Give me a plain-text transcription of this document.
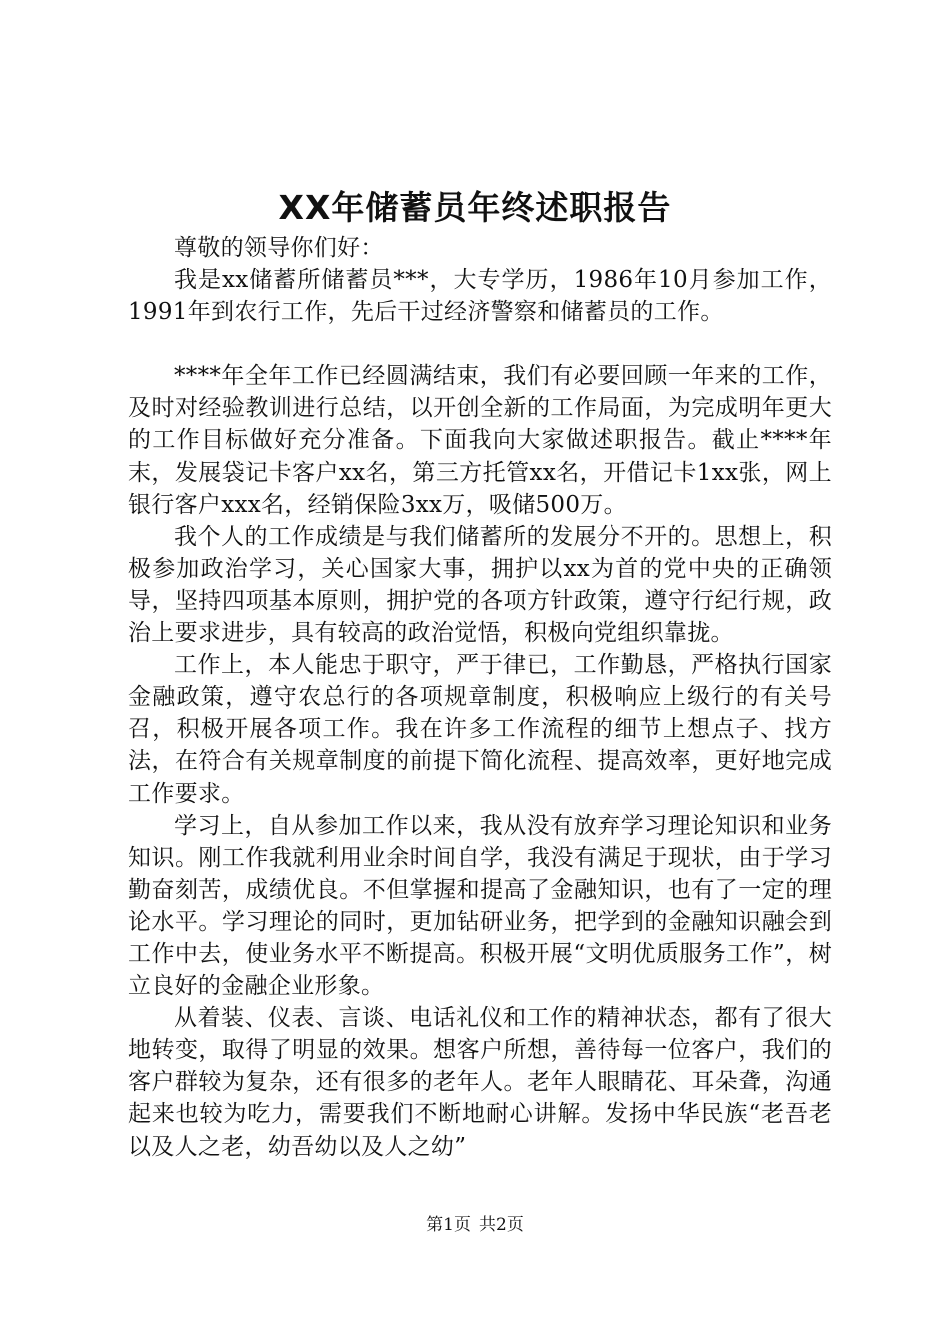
XX年储蓄员年终述职报告

尊敬的领导你们好：

我是xx储蓄所储蓄员***，大专学历，1986年10月参加工作，1991年到农行工作，先后干过经济警察和储蓄员的工作。

****年全年工作已经圆满结束，我们有必要回顾一年来的工作，及时对经验教训进行总结，以开创全新的工作局面，为完成明年更大的工作目标做好充分准备。下面我向大家做述职报告。截止****年末，发展袋记卡客户xx名，第三方托管xx名，开借记卡1xx张，网上银行客户xxx名，经销保险3xx万，吸储500万。

我个人的工作成绩是与我们储蓄所的发展分不开的。思想上，积极参加政治学习，关心国家大事，拥护以xx为首的党中央的正确领导，坚持四项基本原则，拥护党的各项方针政策，遵守行纪行规，政治上要求进步，具有较高的政治觉悟，积极向党组织靠拢。

工作上，本人能忠于职守，严于律已，工作勤恳，严格执行国家金融政策，遵守农总行的各项规章制度，积极响应上级行的有关号召，积极开展各项工作。我在许多工作流程的细节上想点子、找方法，在符合有关规章制度的前提下简化流程、提高效率，更好地完成工作要求。

学习上，自从参加工作以来，我从没有放弃学习理论知识和业务知识。刚工作我就利用业余时间自学，我没有满足于现状，由于学习勤奋刻苦，成绩优良。不但掌握和提高了金融知识，也有了一定的理论水平。学习理论的同时，更加钻研业务，把学到的金融知识融会到工作中去，使业务水平不断提高。积极开展“文明优质服务工作”，树立良好的金融企业形象。

从着装、仪表、言谈、电话礼仪和工作的精神状态，都有了很大地转变，取得了明显的效果。想客户所想，善待每一位客户，我们的客户群较为复杂，还有很多的老年人。老年人眼睛花、耳朵聋，沟通起来也较为吃力，需要我们不断地耐心讲解。发扬中华民族“老吾老以及人之老，幼吾幼以及人之幼”

第1页 共2页
